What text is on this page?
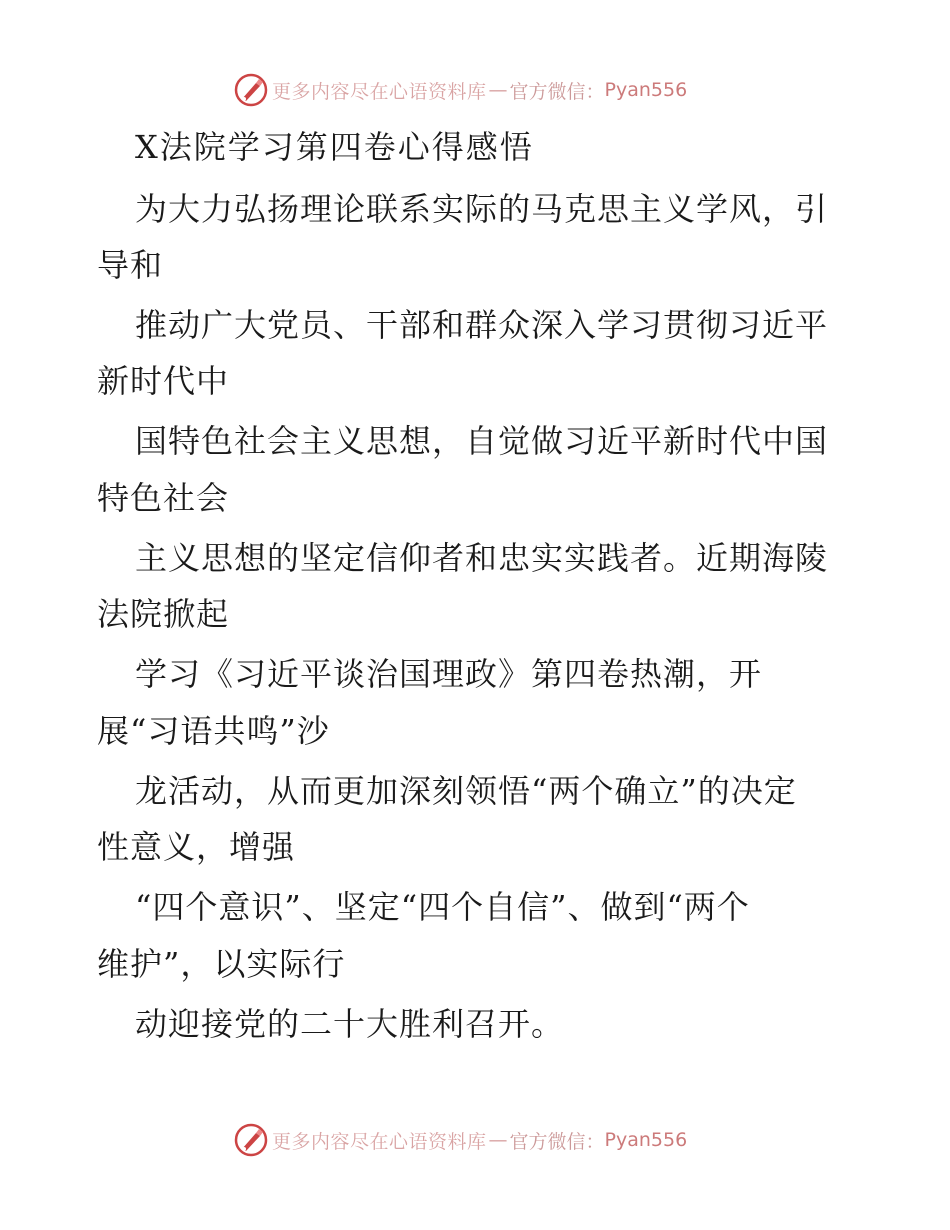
更多内容尽在心语资料库 — 官方微信： Pyan556
X法院学习第四卷心得感悟
为大力弘扬理论联系实际的马克思主义学风，引
导和
推动广大党员、干部和群众深入学习贯彻习近平
新时代中
国特色社会主义思想，自觉做习近平新时代中国
特色社会
主义思想的坚定信仰者和忠实实践者。近期海陵
法院掀起
学习《习近平谈治国理政》第四卷热潮，开
展“习语共鸣”沙
龙活动，从而更加深刻领悟“两个确立”的决定
性意义，增强
“四个意识”、坚定“四个自信”、做到“两个
维护”，以实际行
动迎接党的二十大胜利召开。
更多内容尽在心语资料库 — 官方微信： Pyan556
